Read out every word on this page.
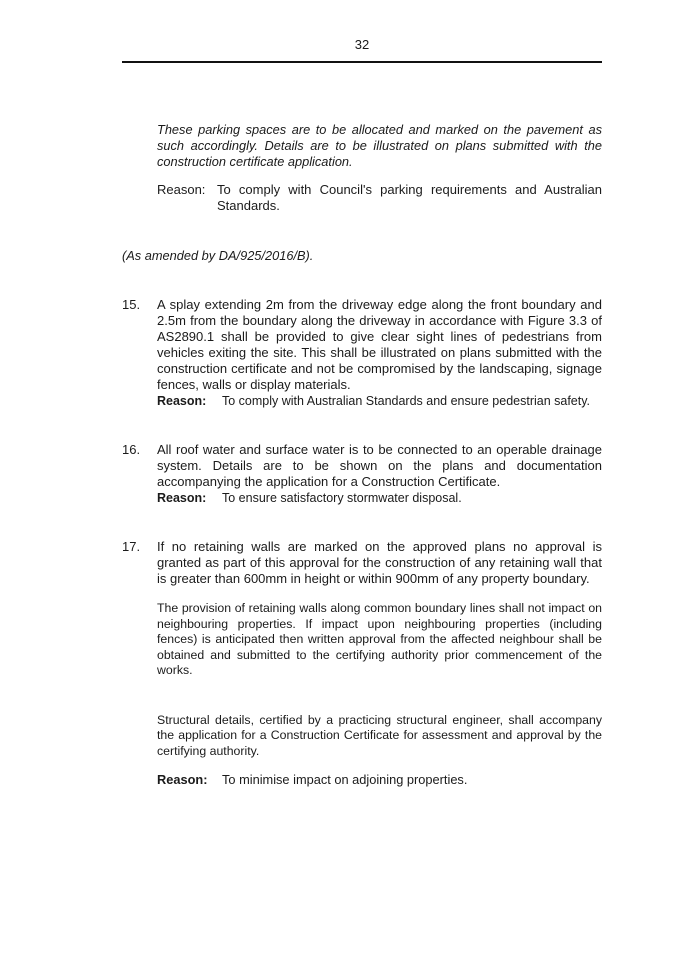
32

These parking spaces are to be allocated and marked on the pavement as such accordingly. Details are to be illustrated on plans submitted with the construction certificate application.

Reason: To comply with Council's parking requirements and Australian Standards.

(As amended by DA/925/2016/B).

15.	A splay extending 2m from the driveway edge along the front boundary and 2.5m from the boundary along the driveway in accordance with Figure 3.3 of AS2890.1 shall be provided to give clear sight lines of pedestrians from vehicles exiting the site. This shall be illustrated on plans submitted with the construction certificate and not be compromised by the landscaping, signage fences, walls or display materials.

Reason:	To comply with Australian Standards and ensure pedestrian safety.
16.	All roof water and surface water is to be connected to an operable drainage system. Details are to be shown on the plans and documentation accompanying the application for a Construction Certificate.

Reason:	To ensure satisfactory stormwater disposal.
17.	If no retaining walls are marked on the approved plans no approval is granted as part of this approval for the construction of any retaining wall that is greater than 600mm in height or within 900mm of any property boundary.

The provision of retaining walls along common boundary lines shall not impact on neighbouring properties. If impact upon neighbouring properties (including fences) is anticipated then written approval from the affected neighbour shall be obtained and submitted to the certifying authority prior commencement of the works.

Structural details, certified by a practicing structural engineer, shall accompany the application for a Construction Certificate for assessment and approval by the certifying authority.

Reason:	To minimise impact on adjoining properties.
